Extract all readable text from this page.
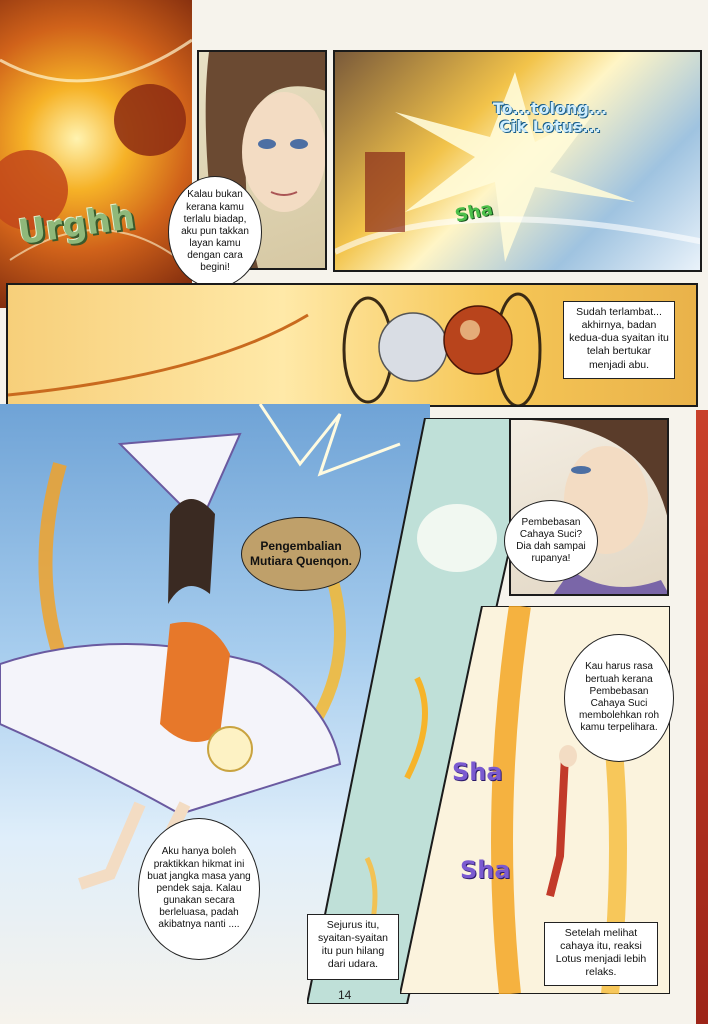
Urghh
Kalau bukan kerana kamu terlalu biadap, aku pun takkan layan kamu dengan cara begini!
To...tolong... Cik Lotus...
Sha
Sudah terlambat... akhirnya, badan kedua-dua syaitan itu telah bertukar menjadi abu.
Pengembalian Mutiara Quenqon.
Aku hanya boleh praktikkan hikmat ini buat jangka masa yang pendek saja. Kalau gunakan secara berleluasa, padah akibatnya nanti ....	Sejurus itu, syaitan-syaitan itu pun hilang dari udara.
Pembebasan Cahaya Suci? Dia dah sampai rupanya!
Sha
Sha
Kau harus rasa bertuah kerana Pembebasan Cahaya Suci membolehkan roh kamu terpelihara.
Setelah melihat cahaya itu, reaksi Lotus menjadi lebih relaks.
14
